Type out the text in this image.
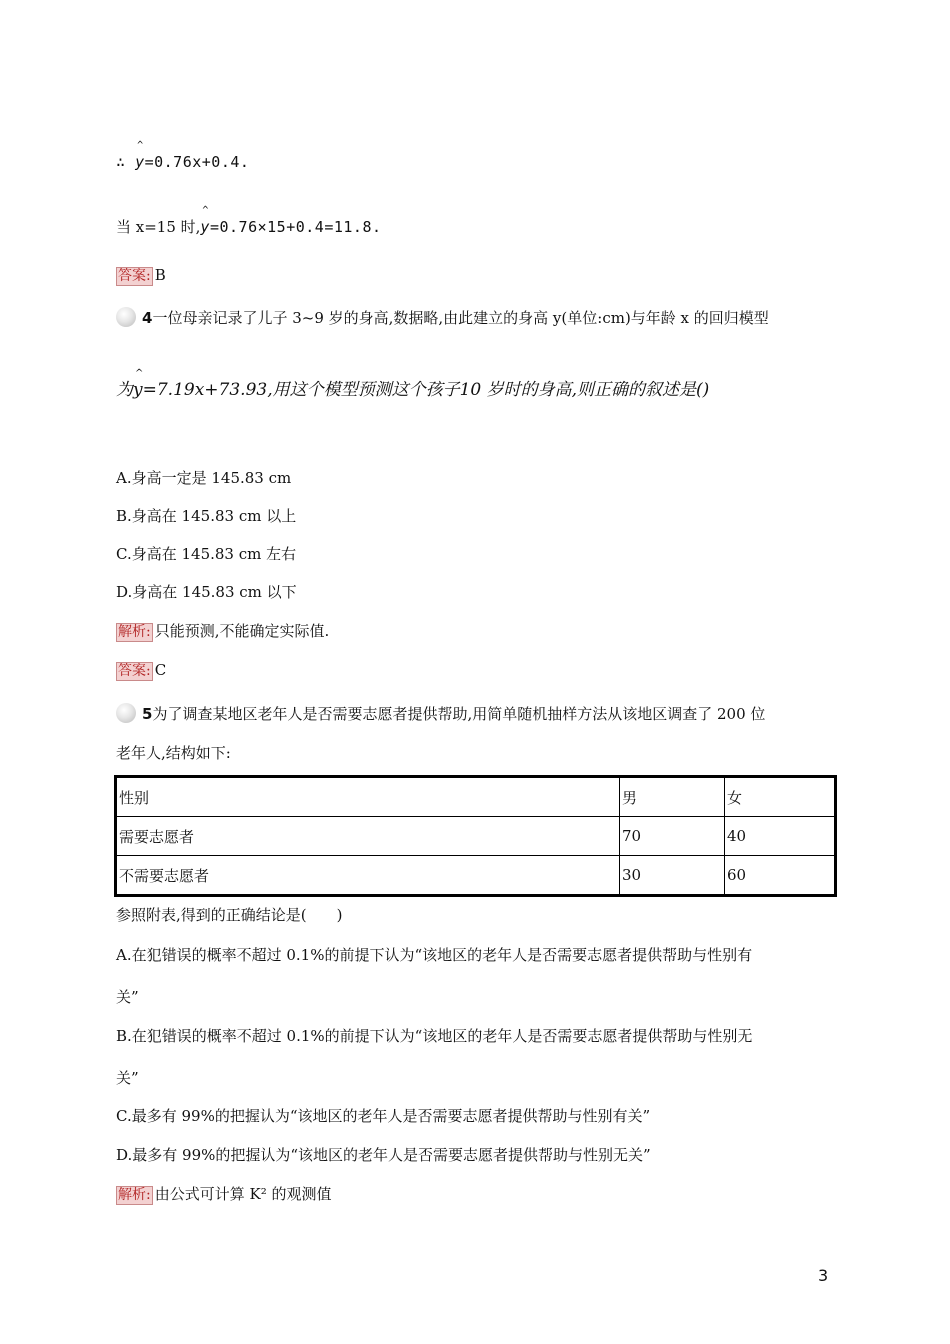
∴ ^ y=0.76x+0.4.
当 x=15 时,^ y=0.76×15+0.4=11.8.
答案: B
4一位母亲记录了儿子 3~9 岁的身高,数据略,由此建立的身高 y(单位:cm)与年龄 x 的回归模型
为^ y=7.19x+73.93,用这个模型预测这个孩子10 岁时的身高,则正确的叙述是()
A.身高一定是 145.83 cm
B.身高在 145.83 cm 以上
C.身高在 145.83 cm 左右
D.身高在 145.83 cm 以下
解析: 只能预测,不能确定实际值.
答案: C
5为了调查某地区老年人是否需要志愿者提供帮助,用简单随机抽样方法从该地区调查了 200 位
老年人,结构如下:
性别	男	女
需要志愿者	70	40
不需要志愿者	30	60
参照附表,得到的正确结论是(　　)
A.在犯错误的概率不超过 0.1%的前提下认为“该地区的老年人是否需要志愿者提供帮助与性别有
关”
B.在犯错误的概率不超过 0.1%的前提下认为“该地区的老年人是否需要志愿者提供帮助与性别无
关”
C.最多有 99%的把握认为“该地区的老年人是否需要志愿者提供帮助与性别有关”
D.最多有 99%的把握认为“该地区的老年人是否需要志愿者提供帮助与性别无关”
解析: 由公式可计算 K² 的观测值
3
